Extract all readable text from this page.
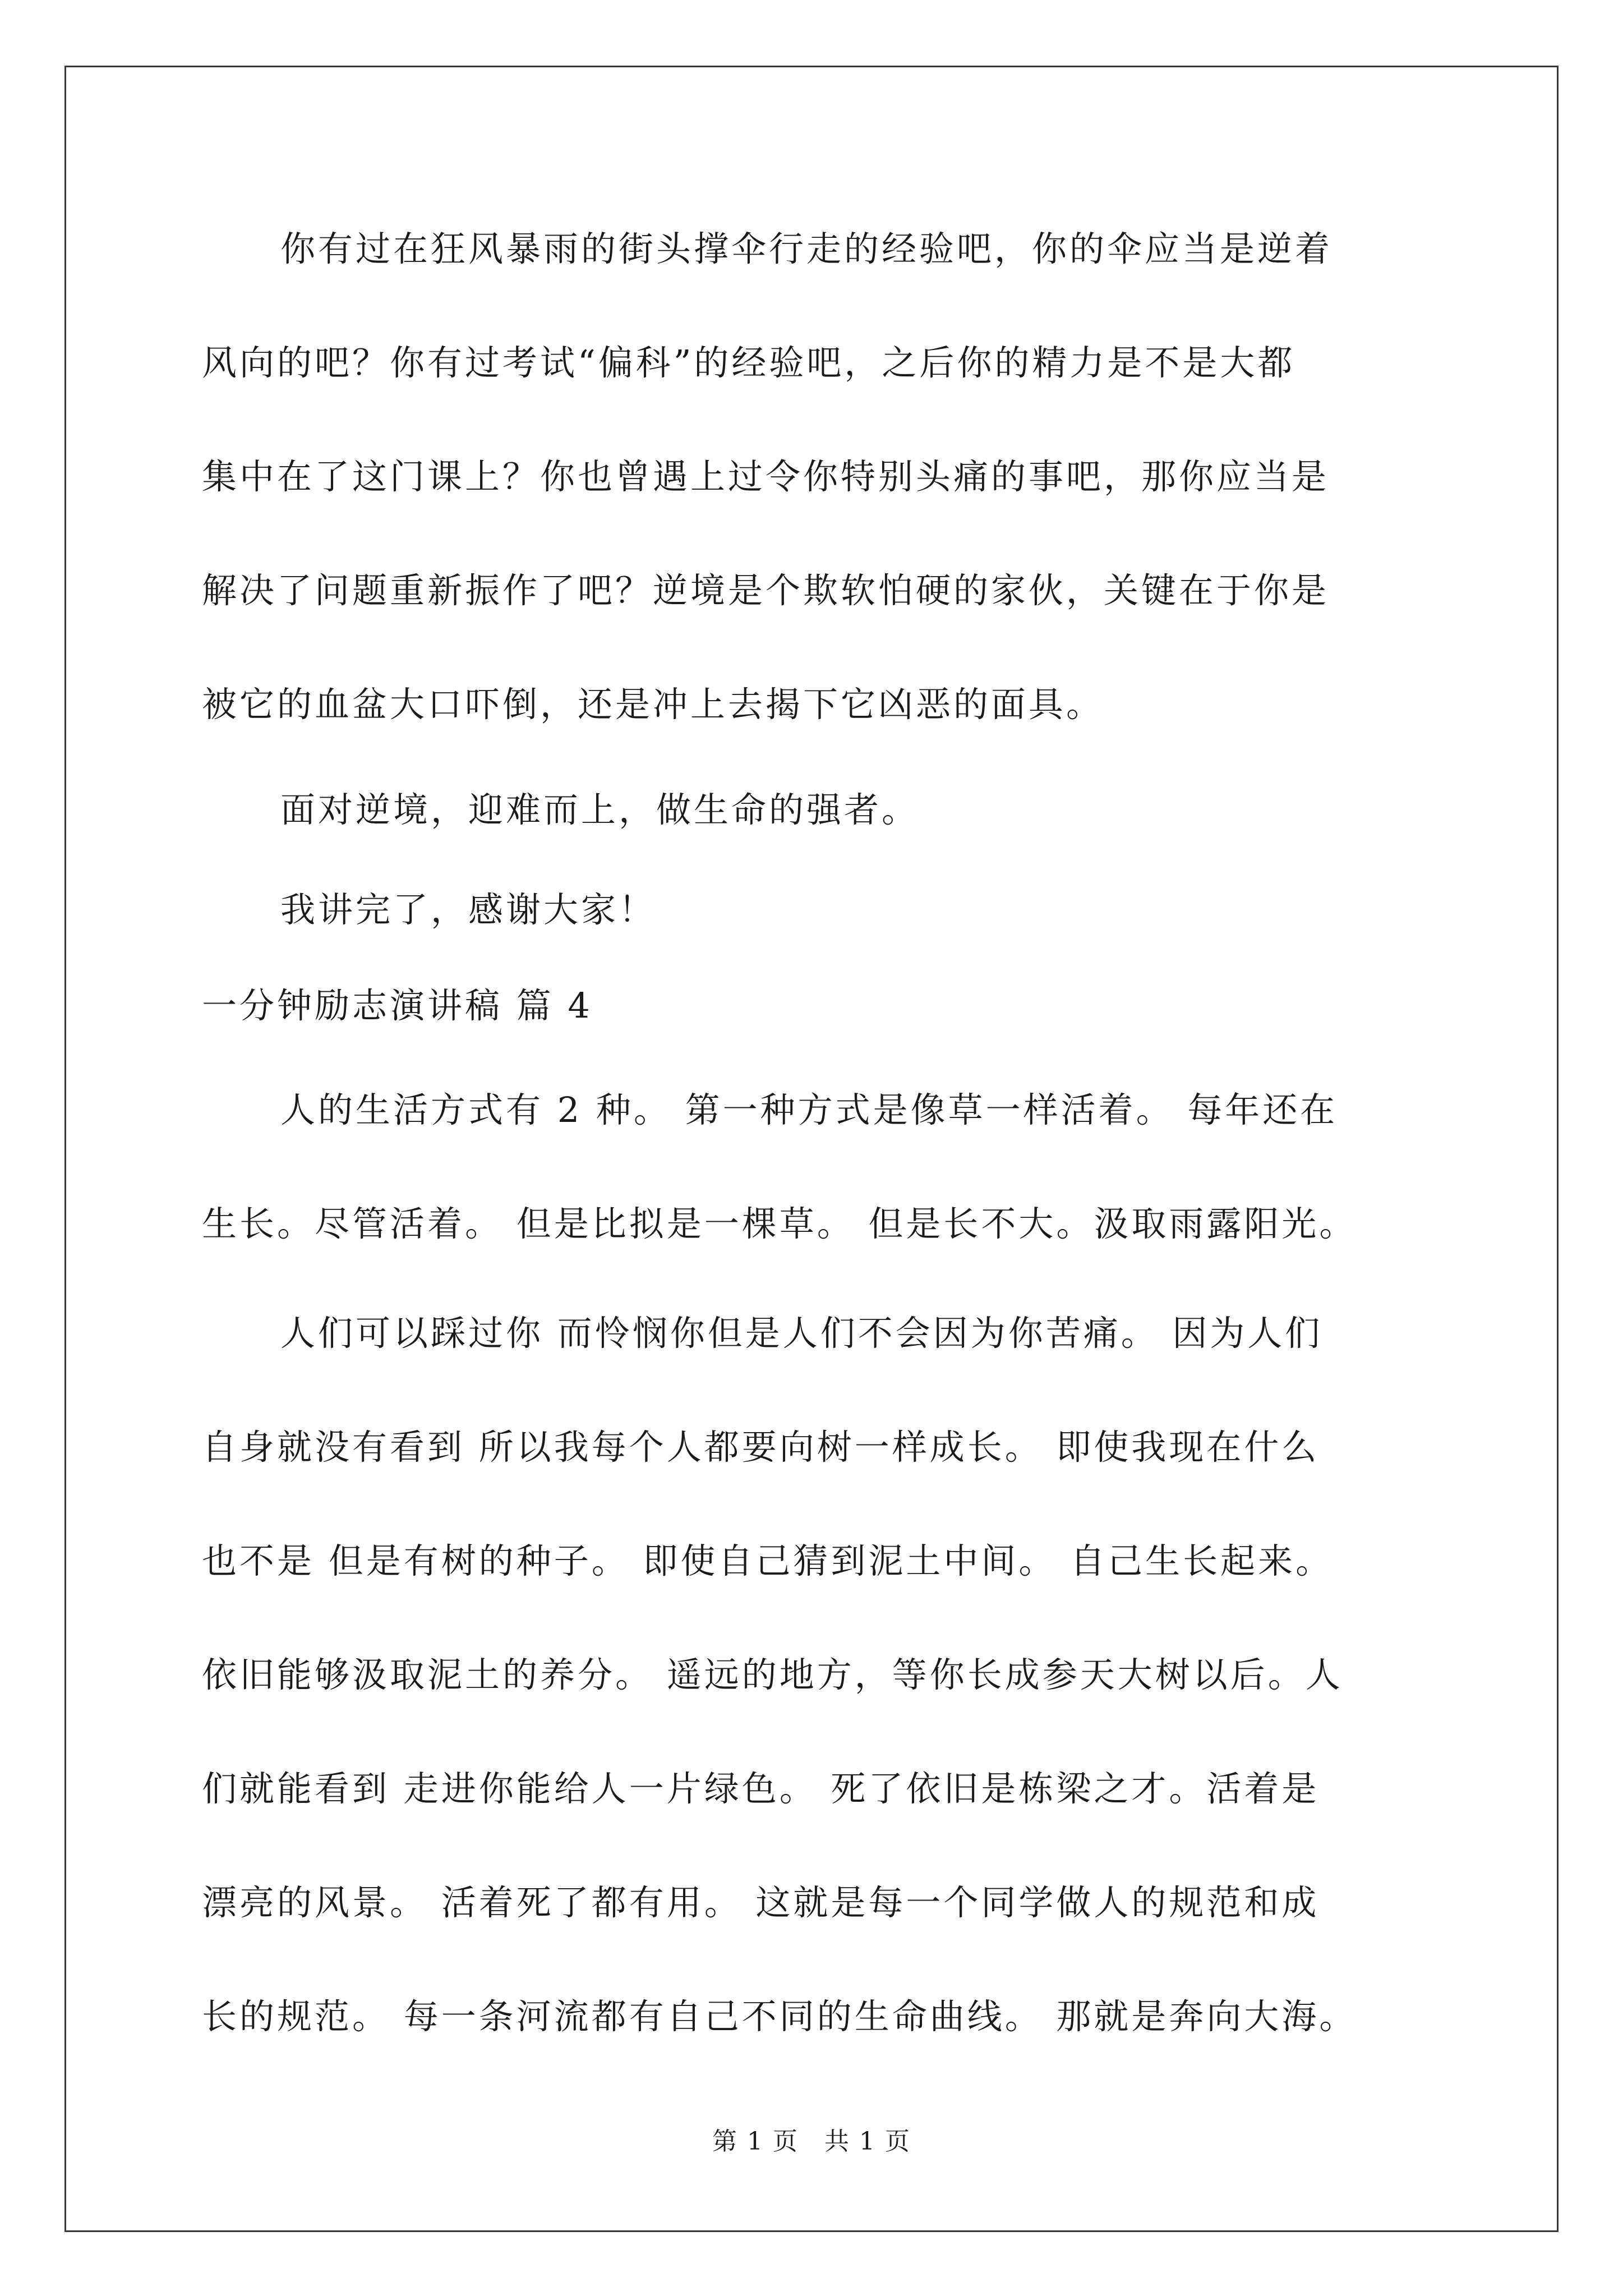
你有过在狂风暴雨的街头撑伞行走的经验吧，你的伞应当是逆着
风向的吧？你有过考试“偏科”的经验吧，之后你的精力是不是大都
集中在了这门课上？你也曾遇上过令你特别头痛的事吧，那你应当是
解决了问题重新振作了吧？逆境是个欺软怕硬的家伙，关键在于你是
被它的血盆大口吓倒，还是冲上去揭下它凶恶的面具。
面对逆境，迎难而上，做生命的强者。
我讲完了，感谢大家！
一分钟励志演讲稿 篇 4
人的生活方式有 2 种。 第一种方式是像草一样活着。 每年还在
生长。尽管活着。 但是比拟是一棵草。 但是长不大。汲取雨露阳光。
人们可以踩过你 而怜悯你但是人们不会因为你苦痛。 因为人们
自身就没有看到 所以我每个人都要向树一样成长。 即使我现在什么
也不是 但是有树的种子。 即使自己猜到泥土中间。 自己生长起来。
依旧能够汲取泥土的养分。 遥远的地方，等你长成参天大树以后。人
们就能看到 走进你能给人一片绿色。 死了依旧是栋梁之才。活着是
漂亮的风景。 活着死了都有用。 这就是每一个同学做人的规范和成
长的规范。 每一条河流都有自己不同的生命曲线。 那就是奔向大海。
第 1 页　共 1 页
